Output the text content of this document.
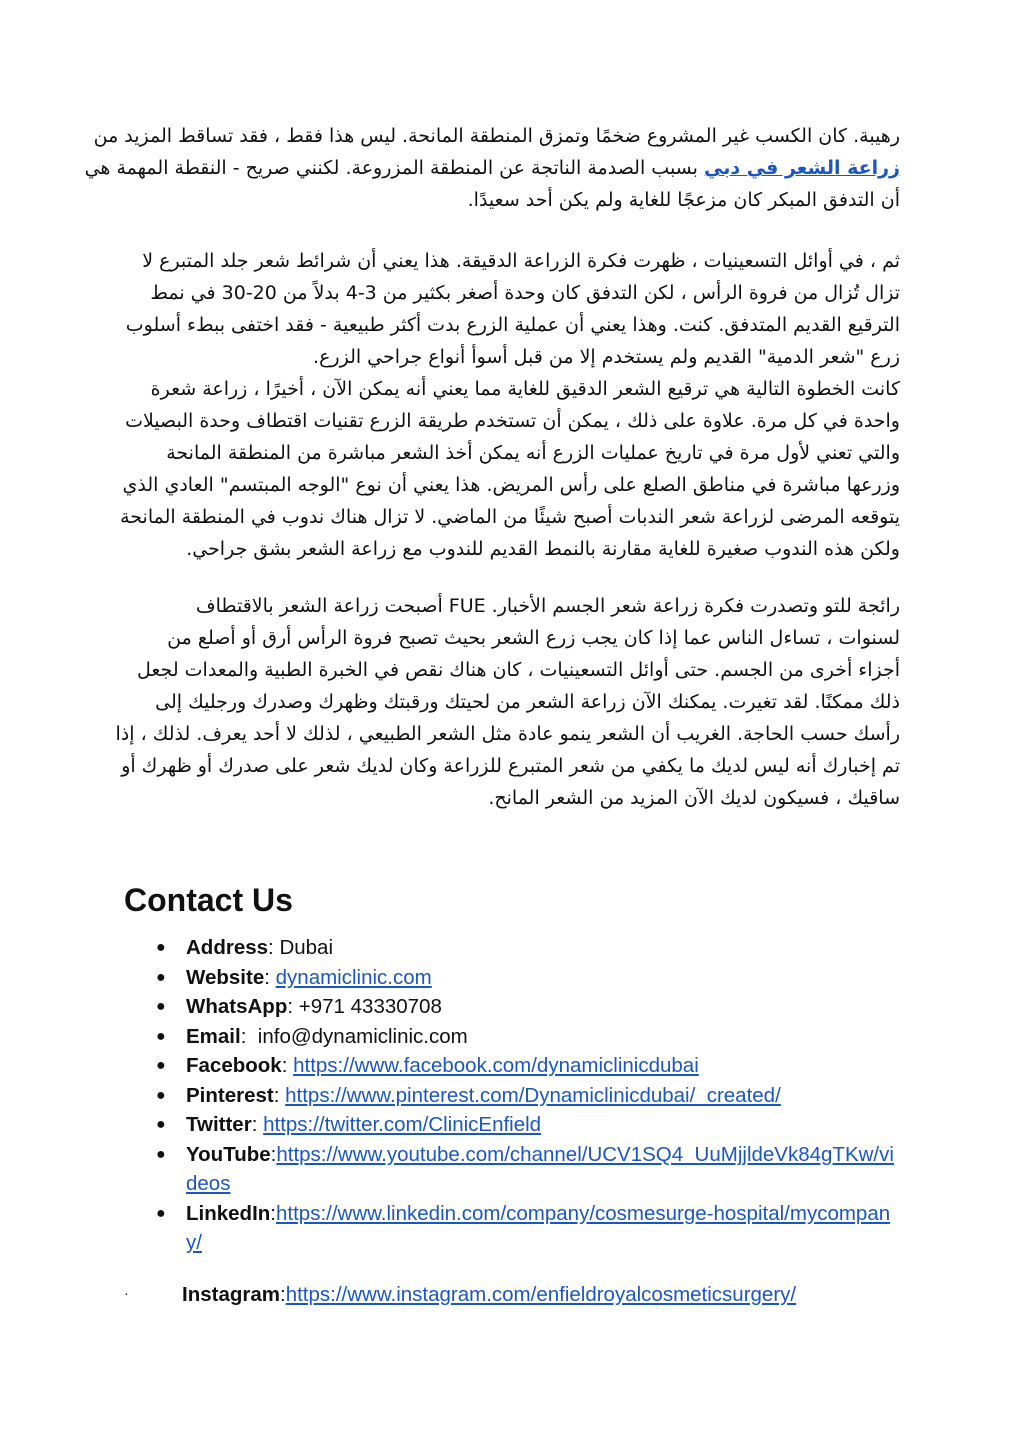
رهيبة. كان الكسب غير المشروع ضخمًا وتمزق المنطقة المانحة. ليس هذا فقط ، فقد تساقط المزيد من
زراعة الشعر في دبي بسبب الصدمة الناتجة عن المنطقة المزروعة. لكنني صريح - النقطة المهمة هي
أن التدفق المبكر كان مزعجًا للغاية ولم يكن أحد سعيدًا.
ثم ، في أوائل التسعينيات ، ظهرت فكرة الزراعة الدقيقة. هذا يعني أن شرائط شعر جلد المتبرع لا
تزال تُزال من فروة الرأس ، لكن التدفق كان وحدة أصغر بكثير من 3-4 بدلاً من 20-30 في نمط
الترقيع القديم المتدفق. كنت. وهذا يعني أن عملية الزرع بدت أكثر طبيعية - فقد اختفى ببطء أسلوب
زرع "شعر الدمية" القديم ولم يستخدم إلا من قبل أسوأ أنواع جراحي الزرع.
كانت الخطوة التالية هي ترقيع الشعر الدقيق للغاية مما يعني أنه يمكن الآن ، أخيرًا ، زراعة شعرة
واحدة في كل مرة. علاوة على ذلك ، يمكن أن تستخدم طريقة الزرع تقنيات اقتطاف وحدة البصيلات
والتي تعني لأول مرة في تاريخ عمليات الزرع أنه يمكن أخذ الشعر مباشرة من المنطقة المانحة
وزرعها مباشرة في مناطق الصلع على رأس المريض. هذا يعني أن نوع "الوجه المبتسم" العادي الذي
يتوقعه المرضى لزراعة شعر الندبات أصبح شيئًا من الماضي. لا تزال هناك ندوب في المنطقة المانحة
ولكن هذه الندوب صغيرة للغاية مقارنة بالنمط القديم للندوب مع زراعة الشعر بشق جراحي.
رائجة للتو وتصدرت فكرة زراعة شعر الجسم الأخبار. FUE أصبحت زراعة الشعر بالاقتطاف
لسنوات ، تساءل الناس عما إذا كان يجب زرع الشعر بحيث تصبح فروة الرأس أرق أو أصلع من
أجزاء أخرى من الجسم. حتى أوائل التسعينيات ، كان هناك نقص في الخبرة الطبية والمعدات لجعل
ذلك ممكنًا. لقد تغيرت. يمكنك الآن زراعة الشعر من لحيتك ورقبتك وظهرك وصدرك ورجليك إلى
رأسك حسب الحاجة. الغريب أن الشعر ينمو عادة مثل الشعر الطبيعي ، لذلك لا أحد يعرف. لذلك ، إذا
تم إخبارك أنه ليس لديك ما يكفي من شعر المتبرع للزراعة وكان لديك شعر على صدرك أو ظهرك أو
ساقيك ، فسيكون لديك الآن المزيد من الشعر المانح.
Contact Us
● Address: Dubai
● Website: dynamiclinic.com
● WhatsApp: +971 43330708
● Email:  info@dynamiclinic.com
● Facebook: https://www.facebook.com/dynamiclinicdubai
● Pinterest: https://www.pinterest.com/Dynamiclinicdubai/_created/
● Twitter: https://twitter.com/ClinicEnfield
● YouTube:https://www.youtube.com/channel/UCV1SQ4_UuMjjldeVk84gTKw/videos
● LinkedIn:https://www.linkedin.com/company/cosmesurge-hospital/mycompany/
·	Instagram:https://www.instagram.com/enfieldroyalcosmeticsurgery/
